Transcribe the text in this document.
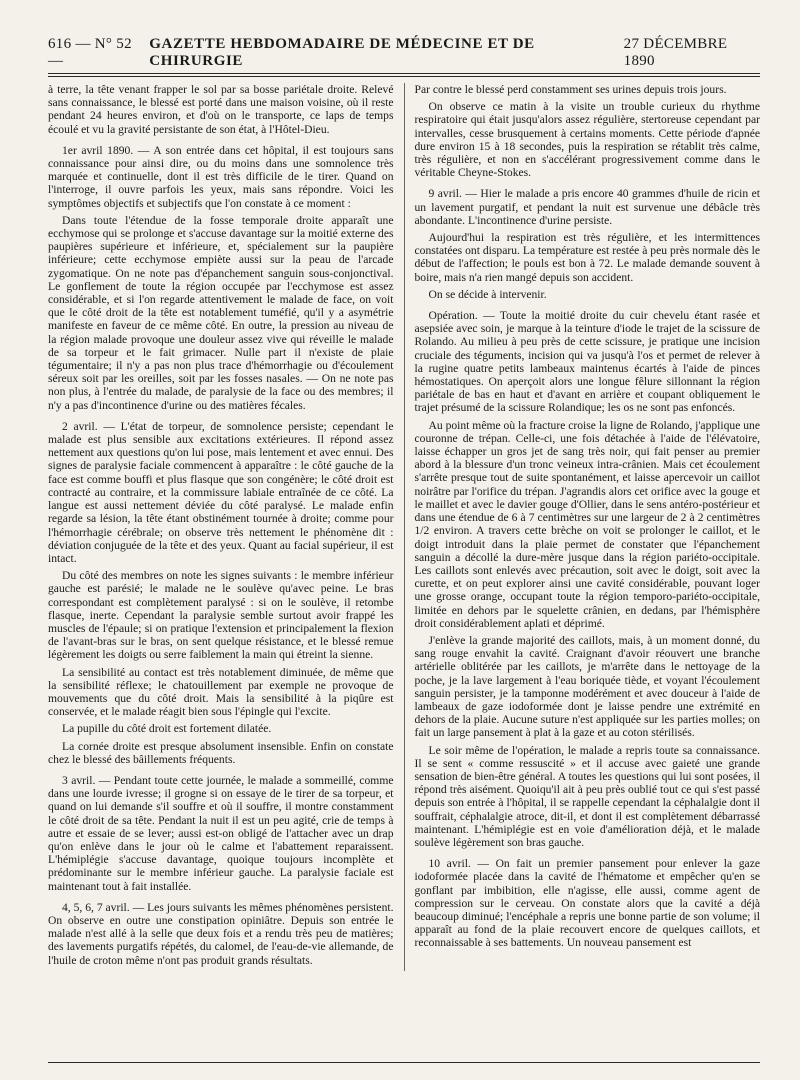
616 — N° 52 —
GAZETTE HEBDOMADAIRE DE MÉDECINE ET DE CHIRURGIE
27 DÉCEMBRE 1890

à terre, la tête venant frapper le sol par sa bosse pariétale droite. Relevé sans connaissance, le blessé est porté dans une maison voisine, où il reste pendant 24 heures environ, et d'où on le transporte, ce laps de temps écoulé et vu la gravité persistante de son état, à l'Hôtel-Dieu.

1er avril 1890. — A son entrée dans cet hôpital, il est toujours sans connaissance pour ainsi dire, ou du moins dans une somnolence très marquée et continuelle, dont il est très difficile de le tirer. Quand on l'interroge, il ouvre parfois les yeux, mais sans répondre. Voici les symptômes objectifs et subjectifs que l'on constate à ce moment :

Dans toute l'étendue de la fosse temporale droite apparaît une ecchymose qui se prolonge et s'accuse davantage sur la moitié externe des paupières supérieure et inférieure, et, spécialement sur la paupière inférieure; cette ecchymose empiète aussi sur la peau de l'arcade zygomatique. On ne note pas d'épanchement sanguin sous-conjonctival. Le gonflement de toute la région occupée par l'ecchymose est assez considérable, et si l'on regarde attentivement le malade de face, on voit que le côté droit de la tête est notablement tuméfié, qu'il y a asymétrie manifeste en faveur de ce même côté. En outre, la pression au niveau de la région malade provoque une douleur assez vive qui réveille le malade de sa torpeur et le fait grimacer. Nulle part il n'existe de plaie tégumentaire; il n'y a pas non plus trace d'hémorrhagie ou d'écoulement séreux soit par les oreilles, soit par les fosses nasales. — On ne note pas non plus, à l'entrée du malade, de paralysie de la face ou des membres; il n'y a pas d'incontinence d'urine ou des matières fécales.

2 avril. — L'état de torpeur, de somnolence persiste; cependant le malade est plus sensible aux excitations extérieures. Il répond assez nettement aux questions qu'on lui pose, mais lentement et avec ennui. Des signes de paralysie faciale commencent à apparaître : le côté gauche de la face est comme bouffi et plus flasque que son congénère; le côté droit est contracté au contraire, et la commissure labiale entraînée de ce côté. La langue est aussi nettement déviée du côté paralysé. Le malade enfin regarde sa lésion, la tête étant obstinément tournée à droite; comme pour l'hémorrhagie cérébrale; on observe très nettement le phénomène dit : déviation conjuguée de la tête et des yeux. Quant au facial supérieur, il est intact.

Du côté des membres on note les signes suivants : le membre inférieur gauche est parésié; le malade ne le soulève qu'avec peine. Le bras correspondant est complètement paralysé : si on le soulève, il retombe flasque, inerte. Cependant la paralysie semble surtout avoir frappé les muscles de l'épaule; si on pratique l'extension et principalement la flexion de l'avant-bras sur le bras, on sent quelque résistance, et le blessé remue légèrement les doigts ou serre faiblement la main qui étreint la sienne.

La sensibilité au contact est très notablement diminuée, de même que la sensibilité réflexe; le chatouillement par exemple ne provoque de mouvements que du côté droit. Mais la sensibilité à la piqûre est conservée, et le malade réagit bien sous l'épingle qui l'excite.

La pupille du côté droit est fortement dilatée.

La cornée droite est presque absolument insensible. Enfin on constate chez le blessé des bâillements fréquents.

3 avril. — Pendant toute cette journée, le malade a sommeillé, comme dans une lourde ivresse; il grogne si on essaye de le tirer de sa torpeur, et quand on lui demande s'il souffre et où il souffre, il montre constamment le côté droit de sa tête. Pendant la nuit il est un peu agité, crie de temps à autre et essaie de se lever; aussi est-on obligé de l'attacher avec un drap qu'on enlève dans le jour où le calme et l'abattement reparaissent. L'hémiplégie s'accuse davantage, quoique toujours incomplète et prédominante sur le membre inférieur gauche. La paralysie faciale est maintenant tout à fait installée.

4, 5, 6, 7 avril. — Les jours suivants les mêmes phénomènes persistent. On observe en outre une constipation opiniâtre. Depuis son entrée le malade n'est allé à la selle que deux fois et a rendu très peu de matières; des lavements purgatifs répétés, du calomel, de l'eau-de-vie allemande, de l'huile de croton même n'ont pas produit grands résultats.

Par contre le blessé perd constamment ses urines depuis trois jours.

On observe ce matin à la visite un trouble curieux du rhythme respiratoire qui était jusqu'alors assez régulière, stertoreuse cependant par intervalles, cesse brusquement à certains moments. Cette période d'apnée dure environ 15 à 18 secondes, puis la respiration se rétablit très calme, très régulière, et non en s'accélérant progressivement comme dans le véritable Cheyne-Stokes.

9 avril. — Hier le malade a pris encore 40 grammes d'huile de ricin et un lavement purgatif, et pendant la nuit est survenue une débâcle très abondante. L'incontinence d'urine persiste.

Aujourd'hui la respiration est très régulière, et les intermittences constatées ont disparu. La température est restée à peu près normale dès le début de l'affection; le pouls est bon à 72. Le malade demande souvent à boire, mais n'a rien mangé depuis son accident.

On se décide à intervenir.

Opération. — Toute la moitié droite du cuir chevelu étant rasée et asepsiée avec soin, je marque à la teinture d'iode le trajet de la scissure de Rolando. Au milieu à peu près de cette scissure, je pratique une incision cruciale des téguments, incision qui va jusqu'à l'os et permet de relever à la rugine quatre petits lambeaux maintenus écartés à l'aide de pinces hémostatiques. On aperçoit alors une longue fêlure sillonnant la région pariétale de bas en haut et d'avant en arrière et coupant obliquement le trajet présumé de la scissure Rolandique; les os ne sont pas enfoncés.

Au point même où la fracture croise la ligne de Rolando, j'applique une couronne de trépan. Celle-ci, une fois détachée à l'aide de l'élévatoire, laisse échapper un gros jet de sang très noir, qui fait penser au premier abord à la blessure d'un tronc veineux intra-crânien. Mais cet écoulement s'arrête presque tout de suite spontanément, et laisse apercevoir un caillot noirâtre par l'orifice du trépan. J'agrandis alors cet orifice avec la gouge et le maillet et avec le davier gouge d'Ollier, dans le sens antéro-postérieur et dans une étendue de 6 à 7 centimètres sur une largeur de 2 à 2 centimètres 1/2 environ. A travers cette brèche on voit se prolonger le caillot, et le doigt introduit dans la plaie permet de constater que l'épanchement sanguin a décollé la dure-mère jusque dans la région pariéto-occipitale. Les caillots sont enlevés avec précaution, soit avec le doigt, soit avec la curette, et on peut explorer ainsi une cavité considérable, pouvant loger une grosse orange, occupant toute la région temporo-pariéto-occipitale, limitée en dehors par le squelette crânien, en dedans, par l'hémisphère droit considérablement aplati et déprimé.

J'enlève la grande majorité des caillots, mais, à un moment donné, du sang rouge envahit la cavité. Craignant d'avoir réouvert une branche artérielle oblitérée par les caillots, je m'arrête dans le nettoyage de la poche, je la lave largement à l'eau boriquée tiède, et voyant l'écoulement sanguin persister, je la tamponne modérément et avec douceur à l'aide de lambeaux de gaze iodoformée dont je laisse pendre une extrémité en dehors de la plaie. Aucune suture n'est appliquée sur les parties molles; on fait un large pansement à plat à la gaze et au coton stérilisés.

Le soir même de l'opération, le malade a repris toute sa connaissance. Il se sent « comme ressuscité » et il accuse avec gaieté une grande sensation de bien-être général. A toutes les questions qui lui sont posées, il répond très aisément. Quoiqu'il ait à peu près oublié tout ce qui s'est passé depuis son entrée à l'hôpital, il se rappelle cependant la céphalalgie dont il souffrait, céphalalgie atroce, dit-il, et dont il est complètement débarrassé maintenant. L'hémiplégie est en voie d'amélioration déjà, et le malade soulève légèrement son bras gauche.

10 avril. — On fait un premier pansement pour enlever la gaze iodoformée placée dans la cavité de l'hématome et empêcher qu'en se gonflant par imbibition, elle n'agisse, elle aussi, comme agent de compression sur le cerveau. On constate alors que la cavité a déjà beaucoup diminué; l'encéphale a repris une bonne partie de son volume; il apparaît au fond de la plaie recouvert encore de quelques caillots, et reconnaissable à ses battements. Un nouveau pansement est
